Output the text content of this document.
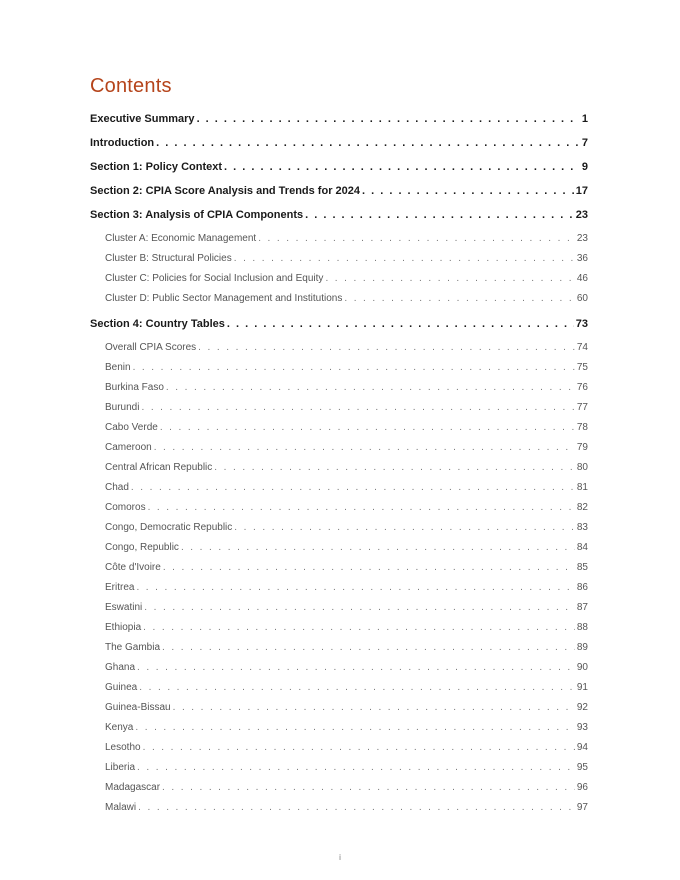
Contents
Executive Summary . . .	1
Introduction . . .	7
Section 1: Policy Context . . .	9
Section 2: CPIA Score Analysis and Trends for 2024 . . .	17
Section 3: Analysis of CPIA Components . . .	23
Cluster A: Economic Management . . .	23
Cluster B: Structural Policies . . .	36
Cluster C: Policies for Social Inclusion and Equity . . .	46
Cluster D: Public Sector Management and Institutions . . .	60
Section 4: Country Tables . . .	73
Overall CPIA Scores . . .	74
Benin . . .	75
Burkina Faso . . .	76
Burundi . . .	77
Cabo Verde . . .	78
Cameroon . . .	79
Central African Republic . . .	80
Chad . . .	81
Comoros . . .	82
Congo, Democratic Republic . . .	83
Congo, Republic . . .	84
Côte d'Ivoire . . .	85
Eritrea . . .	86
Eswatini . . .	87
Ethiopia . . .	88
The Gambia . . .	89
Ghana . . .	90
Guinea . . .	91
Guinea-Bissau . . .	92
Kenya . . .	93
Lesotho . . .	94
Liberia . . .	95
Madagascar . . .	96
Malawi . . .	97
i
